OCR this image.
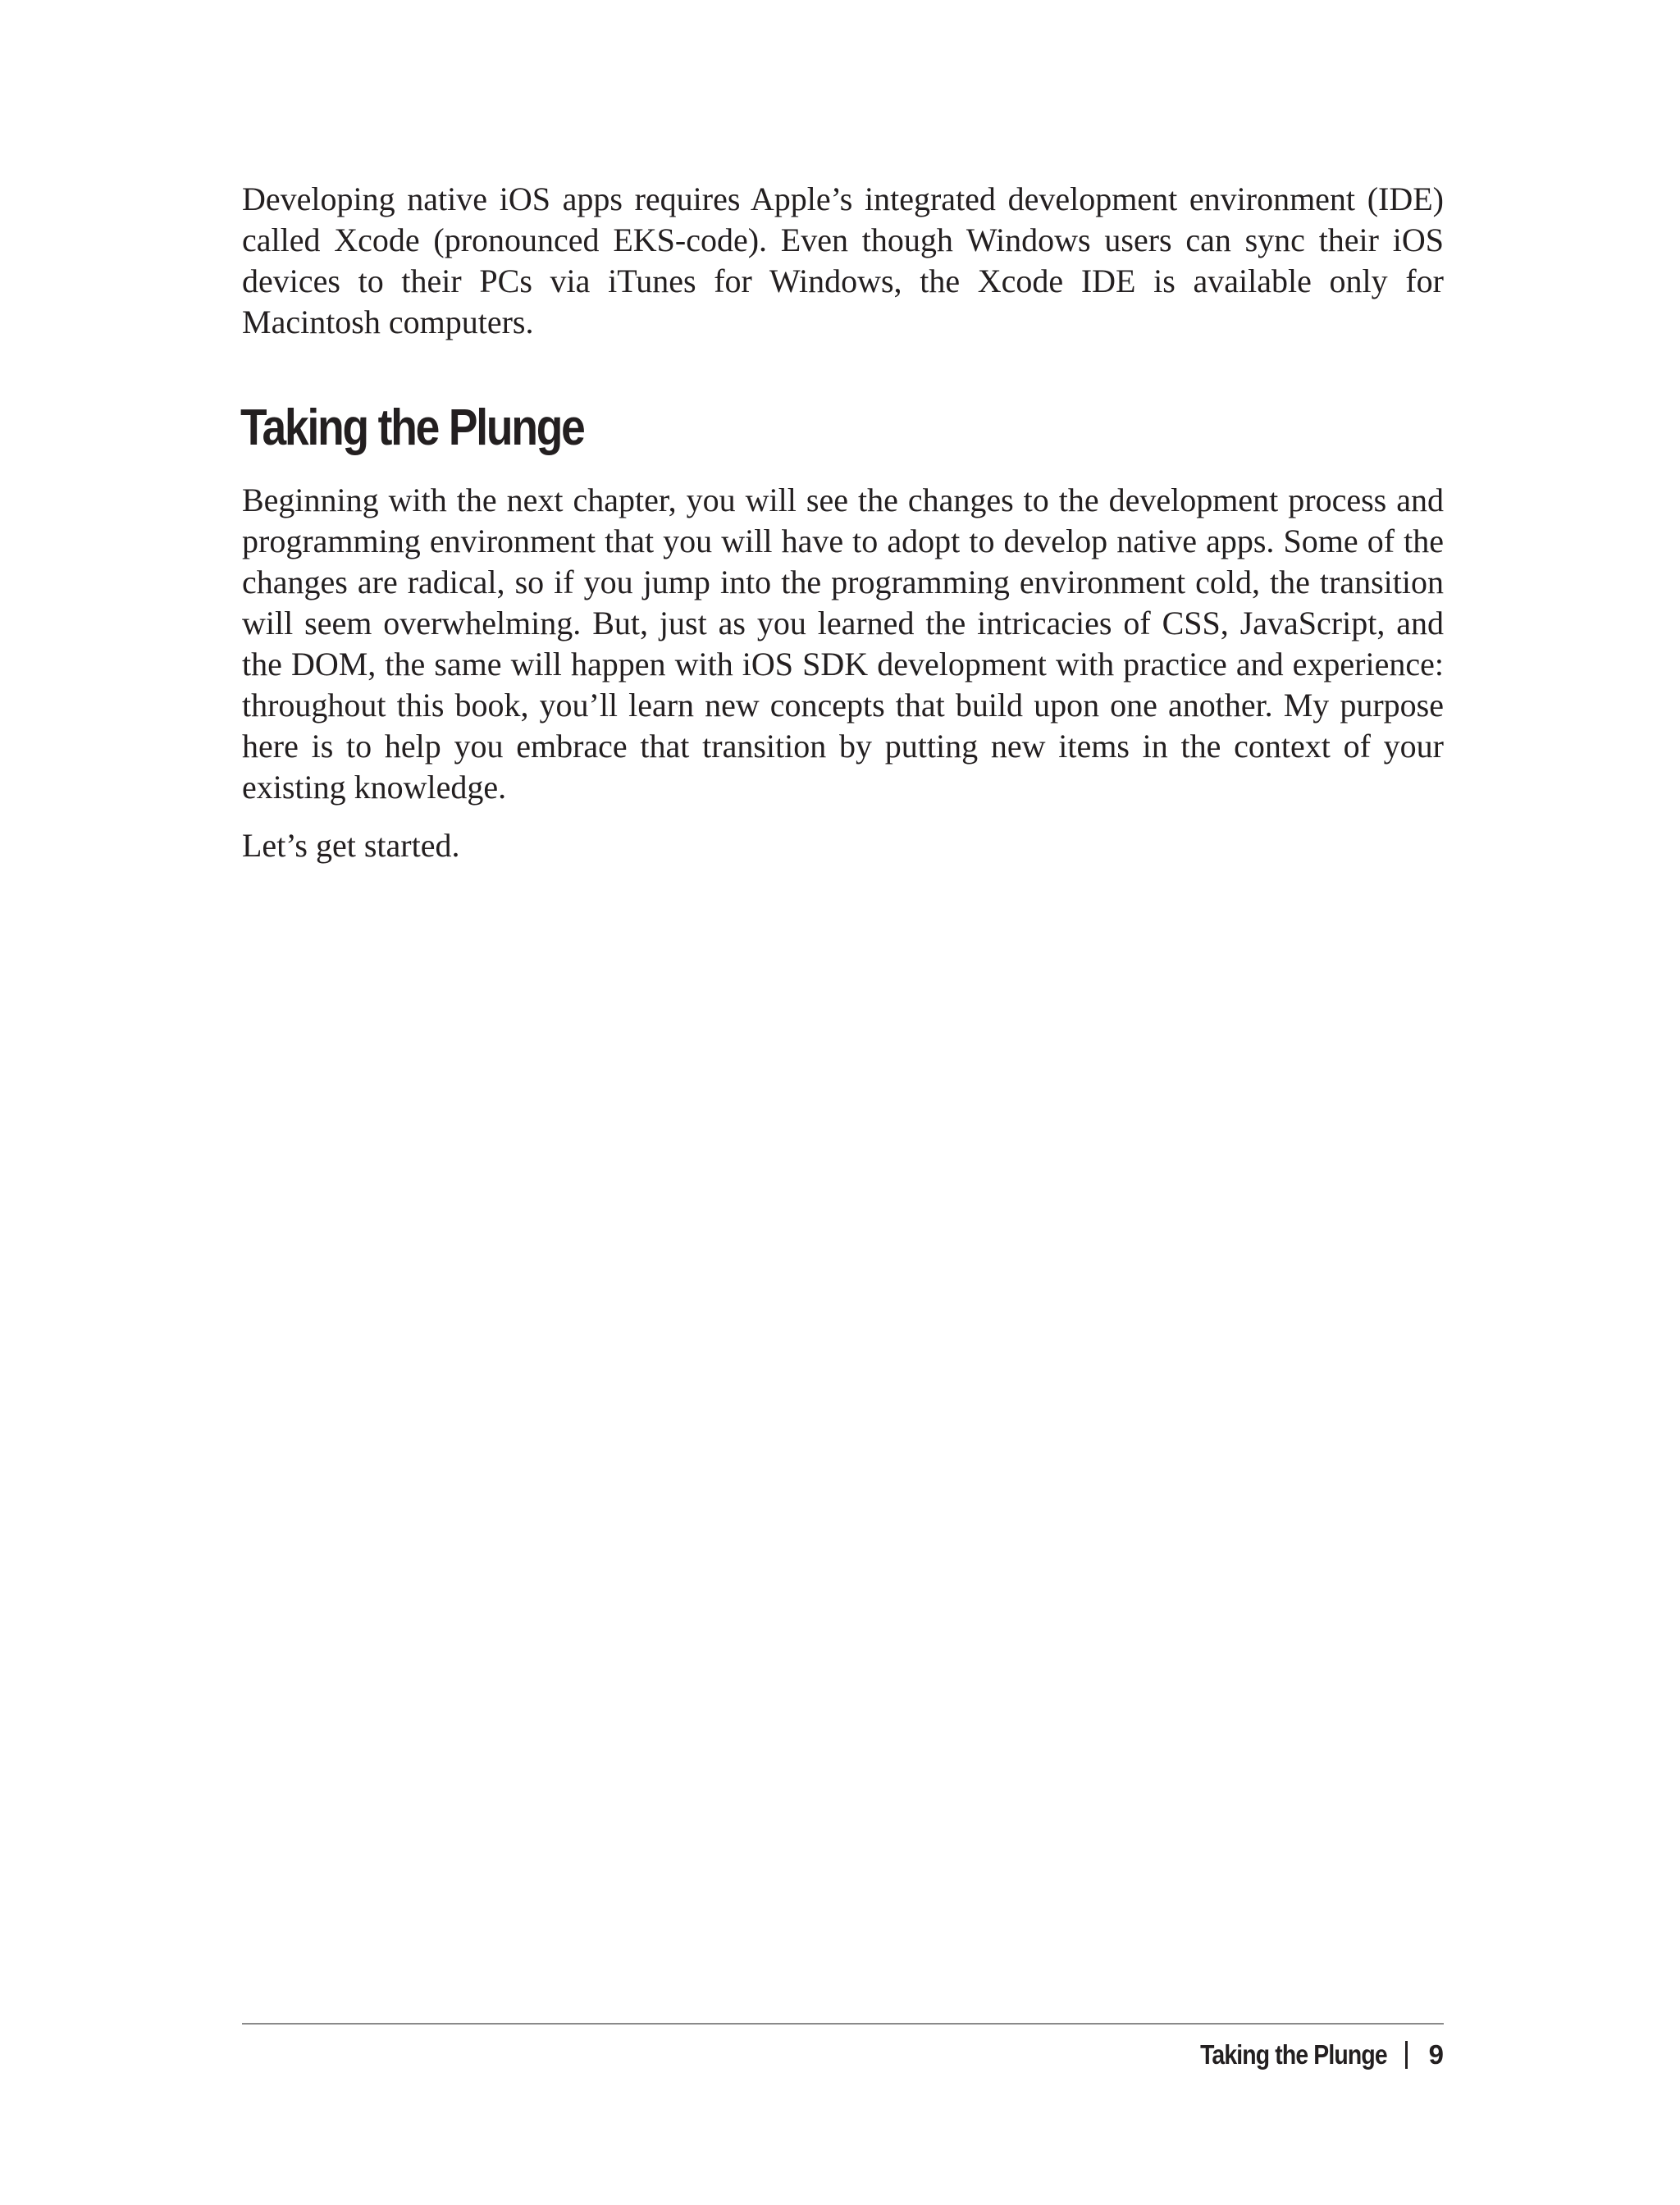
Developing native iOS apps requires Apple’s integrated development environment (IDE) called Xcode (pronounced EKS-code). Even though Windows users can sync their iOS devices to their PCs via iTunes for Windows, the Xcode IDE is available only for Macintosh computers.

Taking the Plunge

Beginning with the next chapter, you will see the changes to the development process and programming environment that you will have to adopt to develop native apps. Some of the changes are radical, so if you jump into the programming environment cold, the transition will seem overwhelming. But, just as you learned the intricacies of CSS, JavaScript, and the DOM, the same will happen with iOS SDK development with practice and experience: throughout this book, you’ll learn new concepts that build upon one another. My purpose here is to help you embrace that transition by putting new items in the context of your existing knowledge.

Let’s get started.

Taking the Plunge 9
